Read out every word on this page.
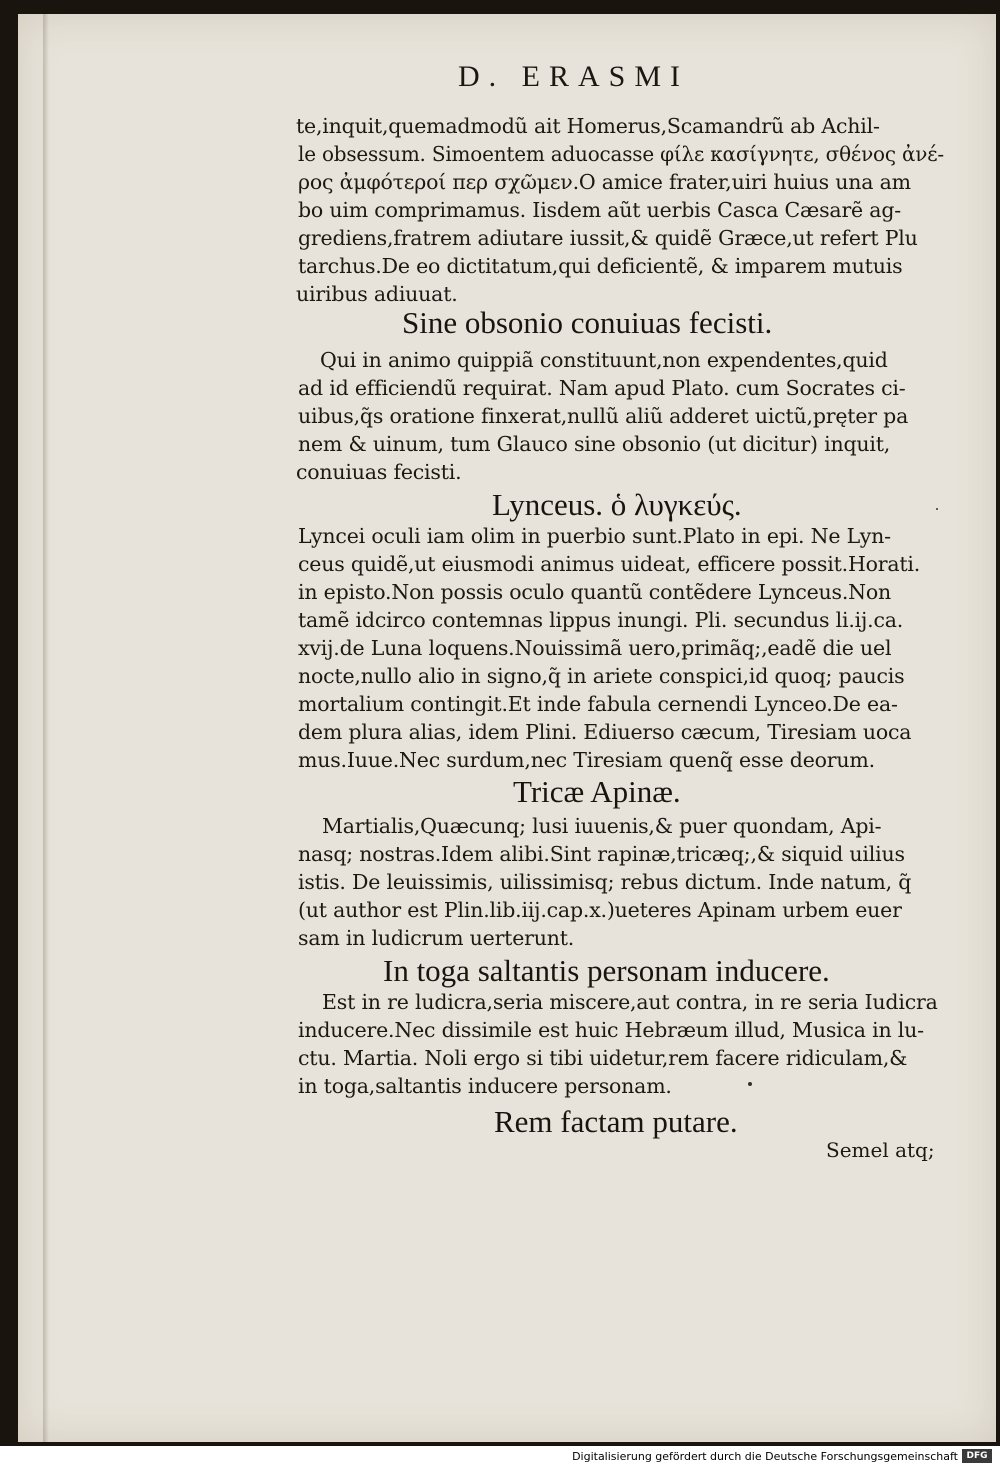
D. ERASMI
te,inquit,quemadmodũ ait Homerus,Scamandrũ ab Achil-
le obsessum. Simoentem aduocasse φίλε κασίγνητε, σθένος ἀνέ-
ρος ἀμφότεροί περ σχῶμεν.O amice frater,uiri huius una am
bo uim comprimamus. Iisdem aũt uerbis Casca Cæsarẽ ag-
grediens,fratrem adiutare iussit,& quidẽ Græce,ut refert Plu
tarchus.De eo dictitatum,qui deficientẽ, & imparem mutuis
uiribus adiuuat.
Sine obsonio conuiuas fecisti.
Qui in animo quippiã constituunt,non expendentes,quid
ad id efficiendũ requirat. Nam apud Plato. cum Socrates ci-
uibus,q̃s oratione finxerat,nullũ aliũ adderet uictũ,pręter pa
nem & uinum, tum Glauco sine obsonio (ut dicitur) inquit,
conuiuas fecisti.
Lynceus. ὁ λυγκεύς.
Lyncei oculi iam olim in puerbio sunt.Plato in epi. Ne Lyn-
ceus quidẽ,ut eiusmodi animus uideat, efficere possit.Horati.
in episto.Non possis oculo quantũ contẽdere Lynceus.Non
tamẽ idcirco contemnas lippus inungi. Pli. secundus li.ij.ca.
xvij.de Luna loquens.Nouissimã uero,primãq;,eadẽ die uel
nocte,nullo alio in signo,q̃ in ariete conspici,id quoq; paucis
mortalium contingit.Et inde fabula cernendi Lynceo.De ea-
dem plura alias, idem Plini. Ediuerso cæcum, Tiresiam uoca
mus.Iuue.Nec surdum,nec Tiresiam quenq̃ esse deorum.
Tricæ Apinæ.
Martialis,Quæcunq; lusi iuuenis,& puer quondam, Api-
nasq; nostras.Idem alibi.Sint rapinæ,tricæq;,& siquid uilius
istis. De leuissimis, uilissimisq; rebus dictum. Inde natum, q̃
(ut author est Plin.lib.iij.cap.x.)ueteres Apinam urbem euer
sam in ludicrum uerterunt.
In toga saltantis personam inducere.
Est in re ludicra,seria miscere,aut contra, in re seria Iudicra
inducere.Nec dissimile est huic Hebræum illud, Musica in lu-
ctu. Martia. Noli ergo si tibi uidetur,rem facere ridiculam,&
in toga,saltantis inducere personam.
Rem factam putare.
Semel atq;
Digitalisierung gefördert durch die Deutsche Forschungsgemeinschaft DFG
